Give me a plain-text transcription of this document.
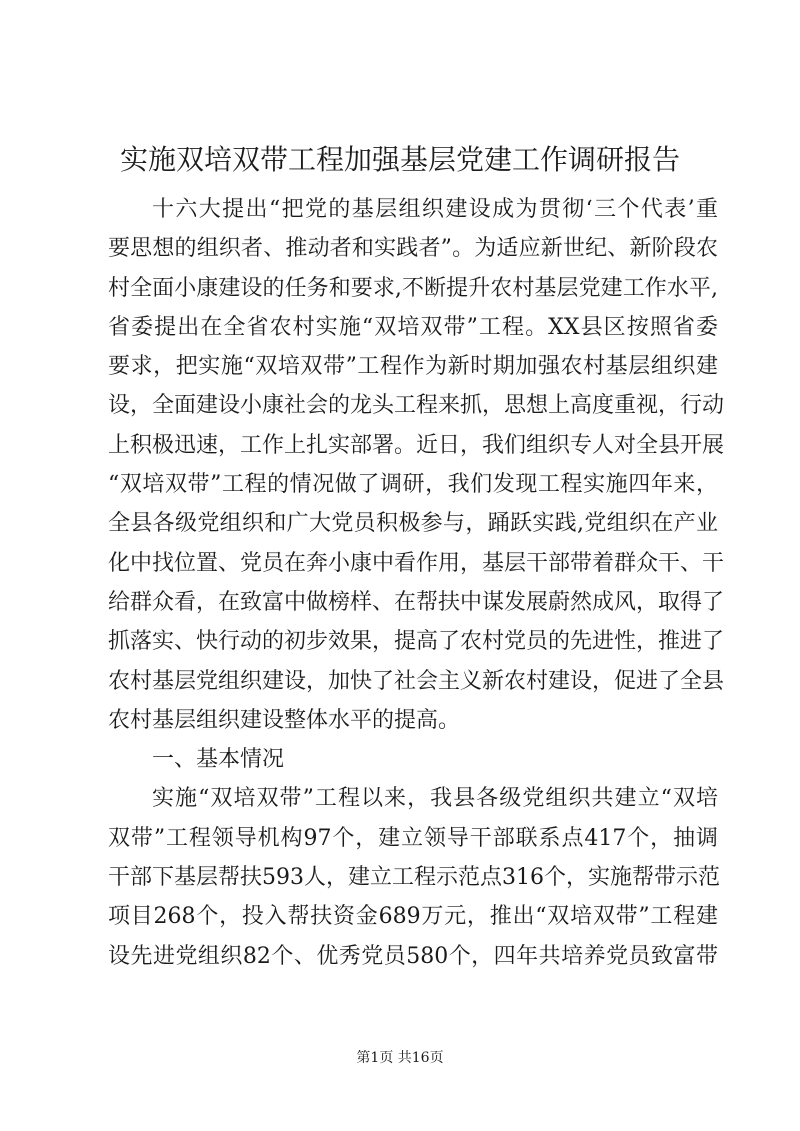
实施双培双带工程加强基层党建工作调研报告
十六大提出“把党的基层组织建设成为贯彻‘三个代表’重
要思想的组织者、推动者和实践者”。为适应新世纪、新阶段农
村全面小康建设的任务和要求,不断提升农村基层党建工作水平,
省委提出在全省农村实施“双培双带”工程。XX县区按照省委
要求，把实施“双培双带”工程作为新时期加强农村基层组织建
设，全面建设小康社会的龙头工程来抓，思想上高度重视，行动
上积极迅速，工作上扎实部署。近日，我们组织专人对全县开展
“双培双带”工程的情况做了调研，我们发现工程实施四年来，
全县各级党组织和广大党员积极参与，踊跃实践,党组织在产业
化中找位置、党员在奔小康中看作用，基层干部带着群众干、干
给群众看，在致富中做榜样、在帮扶中谋发展蔚然成风，取得了
抓落实、快行动的初步效果，提高了农村党员的先进性，推进了
农村基层党组织建设，加快了社会主义新农村建设，促进了全县
农村基层组织建设整体水平的提高。
一、基本情况
实施“双培双带”工程以来，我县各级党组织共建立“双培
双带”工程领导机构97个，建立领导干部联系点417个，抽调
干部下基层帮扶593人，建立工程示范点316个，实施帮带示范
项目268个，投入帮扶资金689万元，推出“双培双带”工程建
设先进党组织82个、优秀党员580个，四年共培养党员致富带
第1页 共16页
